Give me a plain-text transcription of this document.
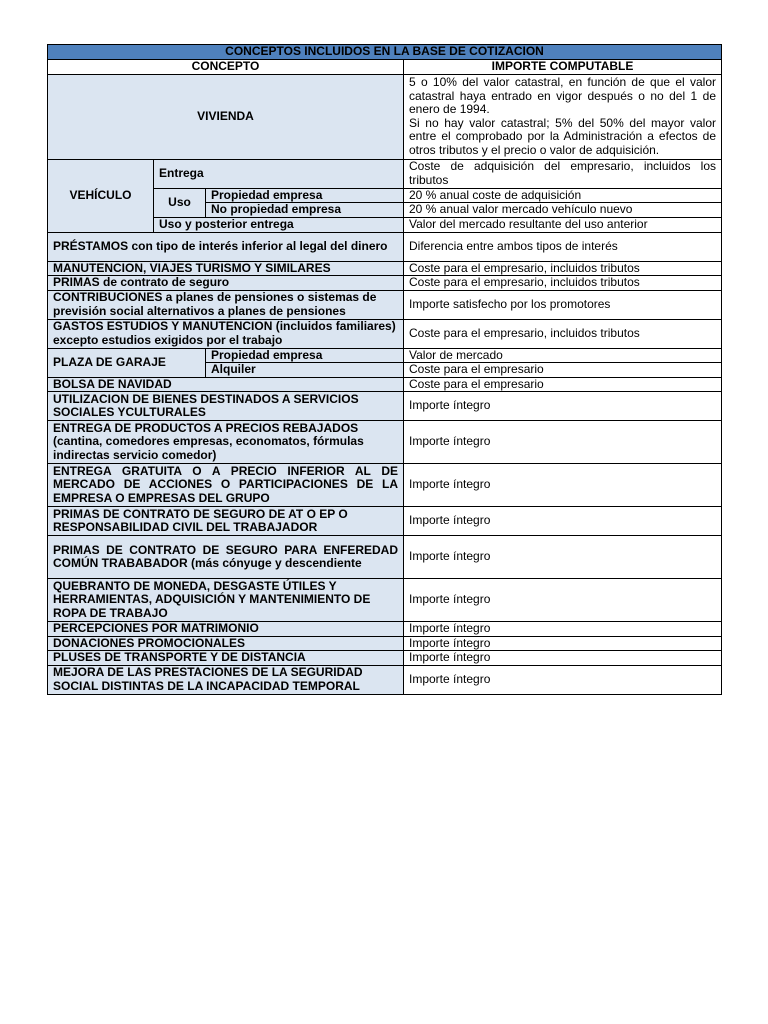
CONCEPTOS INCLUIDOS EN LA BASE DE COTIZACION			
CONCEPTO			IMPORTE COMPUTABLE
VIVIENDA			5 o 10% del valor catastral, en función de que el valor catastral haya entrado en vigor después o no del 1 de enero de 1994.
Si no hay valor catastral; 5% del 50% del mayor valor entre el comprobado por la Administración a efectos de otros tributos y el precio o valor de adquisición.

VEHÍCULO	Entrega		Coste de adquisición del empresario, incluidos los tributos
	Uso	Propiedad empresa	20 % anual coste de adquisición
		No propiedad empresa	20 % anual valor mercado vehículo nuevo
	Uso y posterior entrega		Valor del mercado resultante del uso anterior
PRÉSTAMOS con tipo de interés inferior al legal del dinero			Diferencia entre ambos tipos de interés
MANUTENCION, VIAJES TURISMO Y SIMILARES			Coste para el empresario, incluidos tributos
PRIMAS de contrato de seguro			Coste para el empresario, incluidos tributos
CONTRIBUCIONES a planes de pensiones o sistemas de previsión social alternativos a planes de pensiones			Importe satisfecho por los promotores
GASTOS ESTUDIOS Y MANUTENCION (incluidos familiares) excepto estudios exigidos por el trabajo			Coste para el empresario, incluidos tributos
PLAZA DE GARAJE		Propiedad empresa	Valor de mercado
		Alquiler	Coste para el empresario
BOLSA DE NAVIDAD			Coste para el empresario
UTILIZACION DE BIENES DESTINADOS A SERVICIOS SOCIALES YCULTURALES			Importe íntegro
ENTREGA DE PRODUCTOS A PRECIOS REBAJADOS (cantina, comedores empresas, economatos, fórmulas indirectas servicio comedor)			Importe íntegro
ENTREGA GRATUITA O A PRECIO INFERIOR AL DE MERCADO DE ACCIONES O PARTICIPACIONES DE LA EMPRESA O EMPRESAS DEL GRUPO			Importe íntegro
PRIMAS DE CONTRATO DE SEGURO DE AT O EP O RESPONSABILIDAD CIVIL DEL TRABAJADOR			Importe íntegro
PRIMAS DE CONTRATO DE SEGURO PARA ENFEREDAD COMÚN TRABABADOR (más cónyuge y descendiente			Importe íntegro
QUEBRANTO DE MONEDA, DESGASTE ÚTILES Y HERRAMIENTAS, ADQUISICIÓN Y MANTENIMIENTO DE ROPA DE TRABAJO			Importe íntegro
PERCEPCIONES POR MATRIMONIO			Importe íntegro
DONACIONES PROMOCIONALES			Importe íntegro
PLUSES DE TRANSPORTE Y DE DISTANCIA			Importe íntegro
MEJORA DE LAS PRESTACIONES DE LA SEGURIDAD SOCIAL DISTINTAS DE LA INCAPACIDAD TEMPORAL			Importe íntegro
